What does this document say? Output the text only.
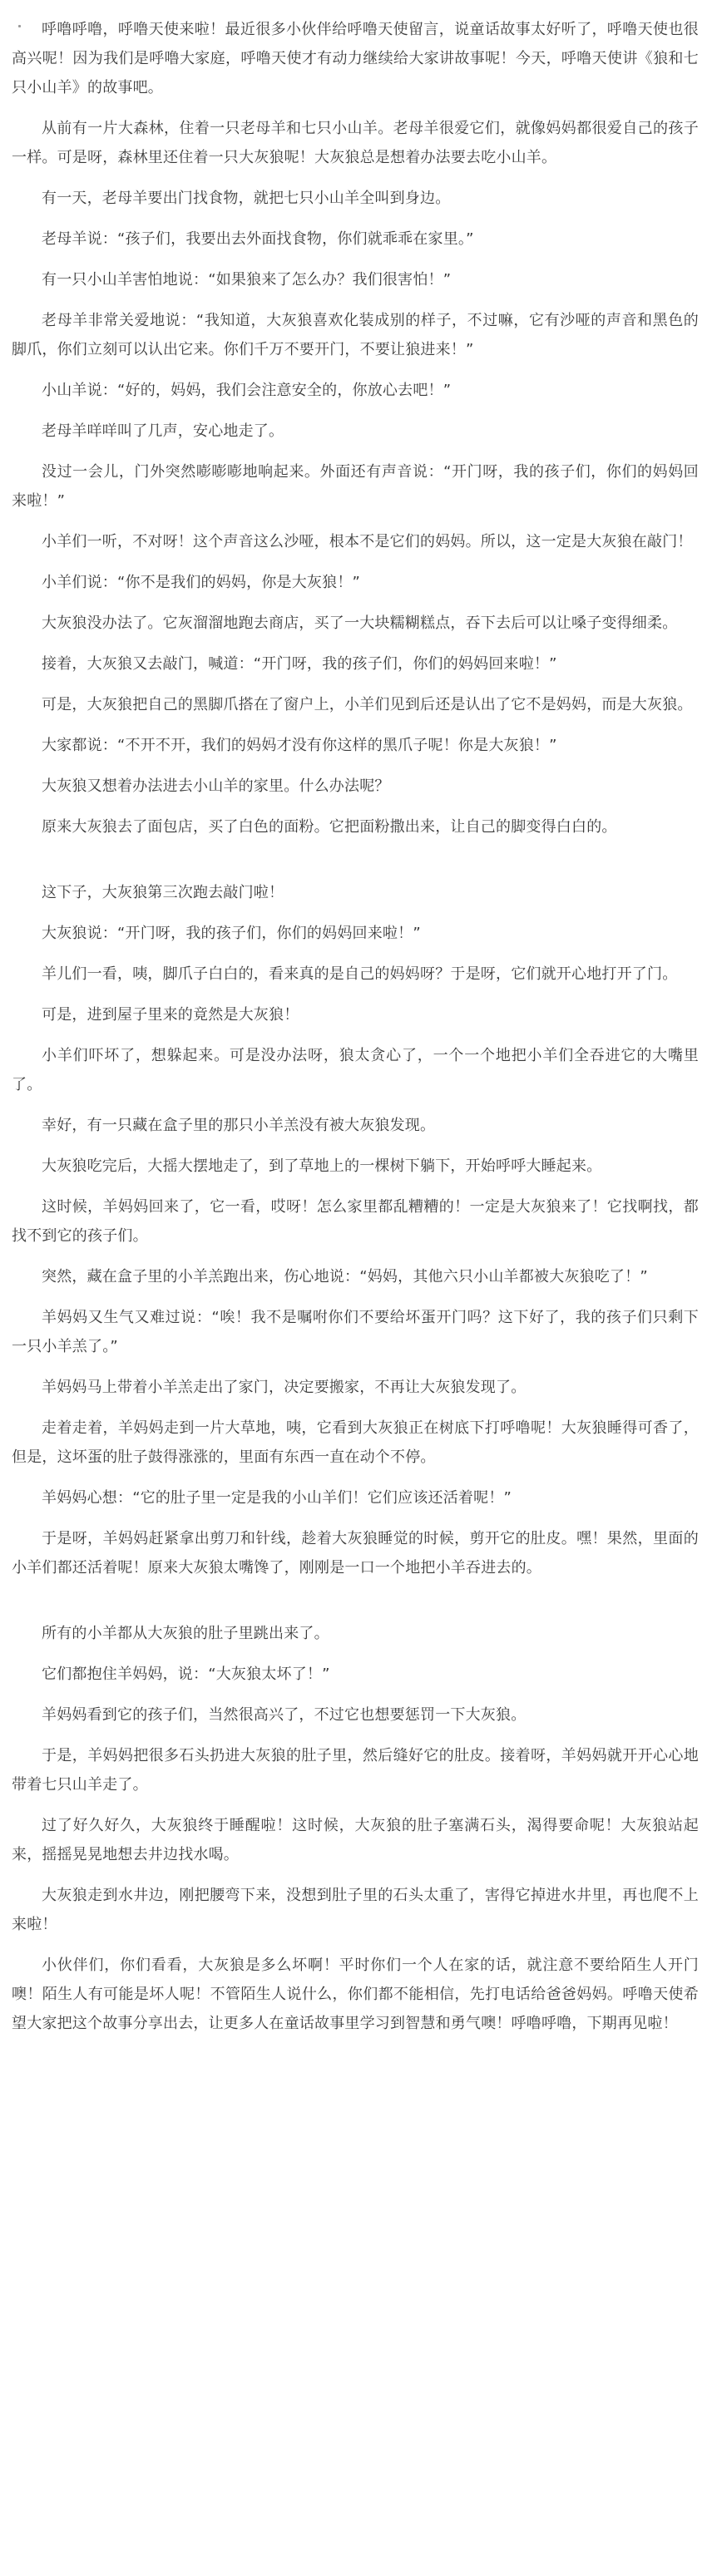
呼噜呼噜，呼噜天使来啦！最近很多小伙伴给呼噜天使留言，说童话故事太好听了，呼噜天使也很高兴呢！因为我们是呼噜大家庭，呼噜天使才有动力继续给大家讲故事呢！今天，呼噜天使讲《狼和七只小山羊》的故事吧。

从前有一片大森林，住着一只老母羊和七只小山羊。老母羊很爱它们，就像妈妈都很爱自己的孩子一样。可是呀，森林里还住着一只大灰狼呢！大灰狼总是想着办法要去吃小山羊。

有一天，老母羊要出门找食物，就把七只小山羊全叫到身边。

老母羊说：“孩子们，我要出去外面找食物，你们就乖乖在家里。”

有一只小山羊害怕地说：“如果狼来了怎么办？我们很害怕！”

老母羊非常关爱地说：“我知道，大灰狼喜欢化装成别的样子，不过嘛，它有沙哑的声音和黑色的脚爪，你们立刻可以认出它来。你们千万不要开门，不要让狼进来！”

小山羊说：“好的，妈妈，我们会注意安全的，你放心去吧！”

老母羊咩咩叫了几声，安心地走了。

没过一会儿，门外突然嘭嘭嘭地响起来。外面还有声音说：“开门呀，我的孩子们，你们的妈妈回来啦！”

小羊们一听，不对呀！这个声音这么沙哑，根本不是它们的妈妈。所以，这一定是大灰狼在敲门！

小羊们说：“你不是我们的妈妈，你是大灰狼！”

大灰狼没办法了。它灰溜溜地跑去商店，买了一大块糯糊糕点，吞下去后可以让嗓子变得细柔。

接着，大灰狼又去敲门，喊道：“开门呀，我的孩子们，你们的妈妈回来啦！”

可是，大灰狼把自己的黑脚爪搭在了窗户上，小羊们见到后还是认出了它不是妈妈，而是大灰狼。

大家都说：“不开不开，我们的妈妈才没有你这样的黑爪子呢！你是大灰狼！”

大灰狼又想着办法进去小山羊的家里。什么办法呢？

原来大灰狼去了面包店，买了白色的面粉。它把面粉撒出来，让自己的脚变得白白的。

这下子，大灰狼第三次跑去敲门啦！

大灰狼说：“开门呀，我的孩子们，你们的妈妈回来啦！”

羊儿们一看，咦，脚爪子白白的，看来真的是自己的妈妈呀？于是呀，它们就开心地打开了门。

可是，进到屋子里来的竟然是大灰狼！

小羊们吓坏了，想躲起来。可是没办法呀，狼太贪心了，一个一个地把小羊们全吞进它的大嘴里了。

幸好，有一只藏在盒子里的那只小羊羔没有被大灰狼发现。

大灰狼吃完后，大摇大摆地走了，到了草地上的一棵树下躺下，开始呼呼大睡起来。

这时候，羊妈妈回来了，它一看，哎呀！怎么家里都乱糟糟的！一定是大灰狼来了！它找啊找，都找不到它的孩子们。

突然，藏在盒子里的小羊羔跑出来，伤心地说：“妈妈，其他六只小山羊都被大灰狼吃了！”

羊妈妈又生气又难过说：“唉！我不是嘱咐你们不要给坏蛋开门吗？这下好了，我的孩子们只剩下一只小羊羔了。”

羊妈妈马上带着小羊羔走出了家门，决定要搬家，不再让大灰狼发现了。

走着走着，羊妈妈走到一片大草地，咦，它看到大灰狼正在树底下打呼噜呢！大灰狼睡得可香了，但是，这坏蛋的肚子鼓得涨涨的，里面有东西一直在动个不停。

羊妈妈心想：“它的肚子里一定是我的小山羊们！它们应该还活着呢！”

于是呀，羊妈妈赶紧拿出剪刀和针线，趁着大灰狼睡觉的时候，剪开它的肚皮。嘿！果然，里面的小羊们都还活着呢！原来大灰狼太嘴馋了，刚刚是一口一个地把小羊吞进去的。

所有的小羊都从大灰狼的肚子里跳出来了。

它们都抱住羊妈妈，说：“大灰狼太坏了！”

羊妈妈看到它的孩子们，当然很高兴了，不过它也想要惩罚一下大灰狼。

于是，羊妈妈把很多石头扔进大灰狼的肚子里，然后缝好它的肚皮。接着呀，羊妈妈就开开心心地带着七只山羊走了。

过了好久好久，大灰狼终于睡醒啦！这时候，大灰狼的肚子塞满石头，渴得要命呢！大灰狼站起来，摇摇晃晃地想去井边找水喝。

大灰狼走到水井边，刚把腰弯下来，没想到肚子里的石头太重了，害得它掉进水井里，再也爬不上来啦！

小伙伴们，你们看看，大灰狼是多么坏啊！平时你们一个人在家的话，就注意不要给陌生人开门噢！陌生人有可能是坏人呢！不管陌生人说什么，你们都不能相信，先打电话给爸爸妈妈。呼噜天使希望大家把这个故事分享出去，让更多人在童话故事里学习到智慧和勇气噢！呼噜呼噜，下期再见啦！
